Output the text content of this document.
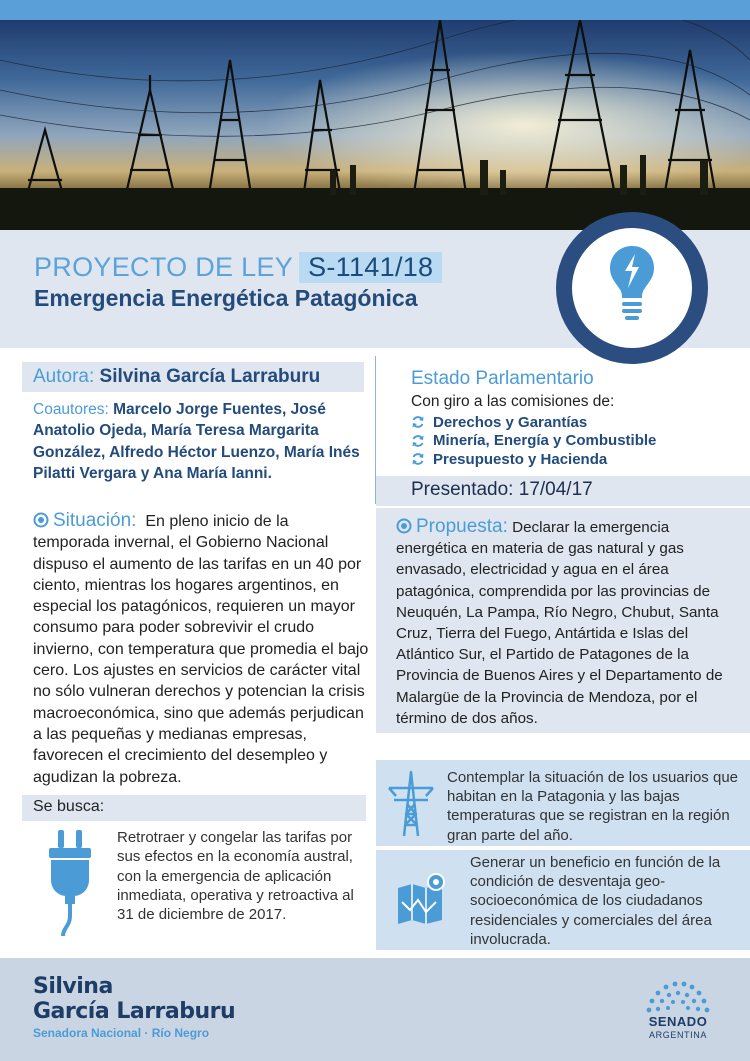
PROYECTO DE LEY S-1141/18
Emergencia Energética Patagónica
Autora: Silvina García Larraburu
Coautores: Marcelo Jorge Fuentes, José Anatolio Ojeda, María Teresa Margarita González, Alfredo Héctor Luenzo, María Inés Pilatti Vergara y Ana María Ianni.
Estado Parlamentario
Con giro a las comisiones de:
Derechos y Garantías
Minería, Energía y Combustible
Presupuesto y Hacienda
Presentado: 17/04/17
Situación: En pleno inicio de la temporada invernal, el Gobierno Nacional dispuso el aumento de las tarifas en un 40 por ciento, mientras los hogares argentinos, en especial los patagónicos, requieren un mayor consumo para poder sobrevivir el crudo invierno, con temperatura que promedia el bajo cero. Los ajustes en servicios de carácter vital no sólo vulneran derechos y potencian la crisis macroeconómica, sino que además perjudican a las pequeñas y medianas empresas, favorecen el crecimiento del desempleo y agudizan la pobreza.
Propuesta: Declarar la emergencia energética en materia de gas natural y gas envasado, electricidad y agua en el área patagónica, comprendida por las provincias de Neuquén, La Pampa, Río Negro, Chubut, Santa Cruz, Tierra del Fuego, Antártida e Islas del Atlántico Sur, el Partido de Patagones de la Provincia de Buenos Aires y el Departamento de Malargüe de la Provincia de Mendoza, por el término de dos años.
Se busca:
Retrotraer y congelar las tarifas por sus efectos en la economía austral, con la emergencia de aplicación inmediata, operativa y retroactiva al 31 de diciembre de 2017.
Contemplar la situación de los usuarios que habitan en la Patagonia y las bajas temperaturas que se registran en la región gran parte del año.
Generar un beneficio en función de la condición de desventaja geo-socioeconómica de los ciudadanos residenciales y comerciales del área involucrada.
Silvina
García Larraburu
Senadora Nacional · Río Negro
SENADO
ARGENTINA
